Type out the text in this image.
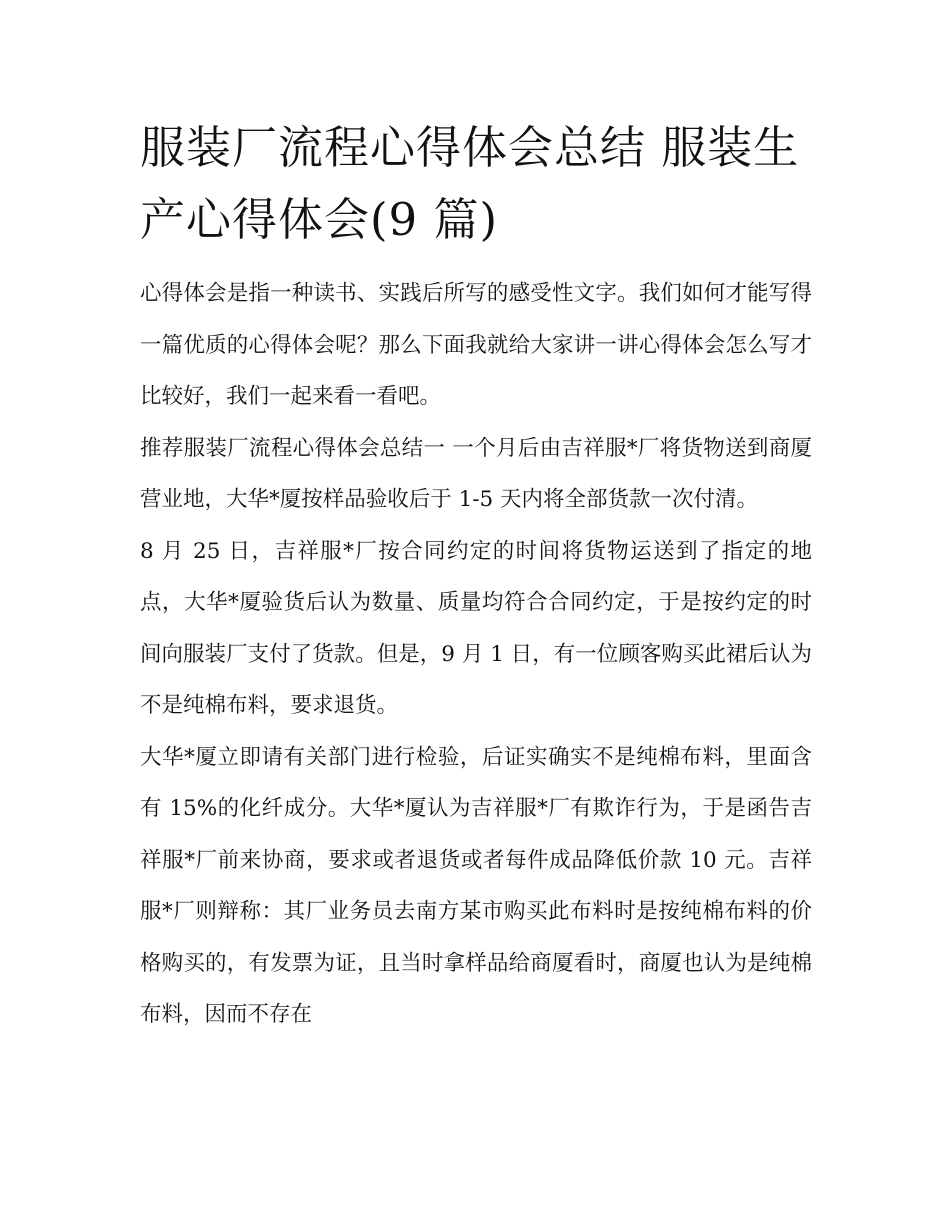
服装厂流程心得体会总结 服装生产心得体会(9 篇)

心得体会是指一种读书、实践后所写的感受性文字。我们如何才能写得一篇优质的心得体会呢？那么下面我就给大家讲一讲心得体会怎么写才比较好，我们一起来看一看吧。

推荐服装厂流程心得体会总结一 一个月后由吉祥服*厂将货物送到商厦营业地，大华*厦按样品验收后于 1-5 天内将全部货款一次付清。

8 月 25 日，吉祥服*厂按合同约定的时间将货物运送到了指定的地点，大华*厦验货后认为数量、质量均符合合同约定，于是按约定的时间向服装厂支付了货款。但是，9 月 1 日，有一位顾客购买此裙后认为不是纯棉布料，要求退货。

大华*厦立即请有关部门进行检验，后证实确实不是纯棉布料，里面含有 15%的化纤成分。大华*厦认为吉祥服*厂有欺诈行为，于是函告吉祥服*厂前来协商，要求或者退货或者每件成品降低价款 10 元。吉祥服*厂则辩称：其厂业务员去南方某市购买此布料时是按纯棉布料的价格购买的，有发票为证，且当时拿样品给商厦看时，商厦也认为是纯棉布料，因而不存在
